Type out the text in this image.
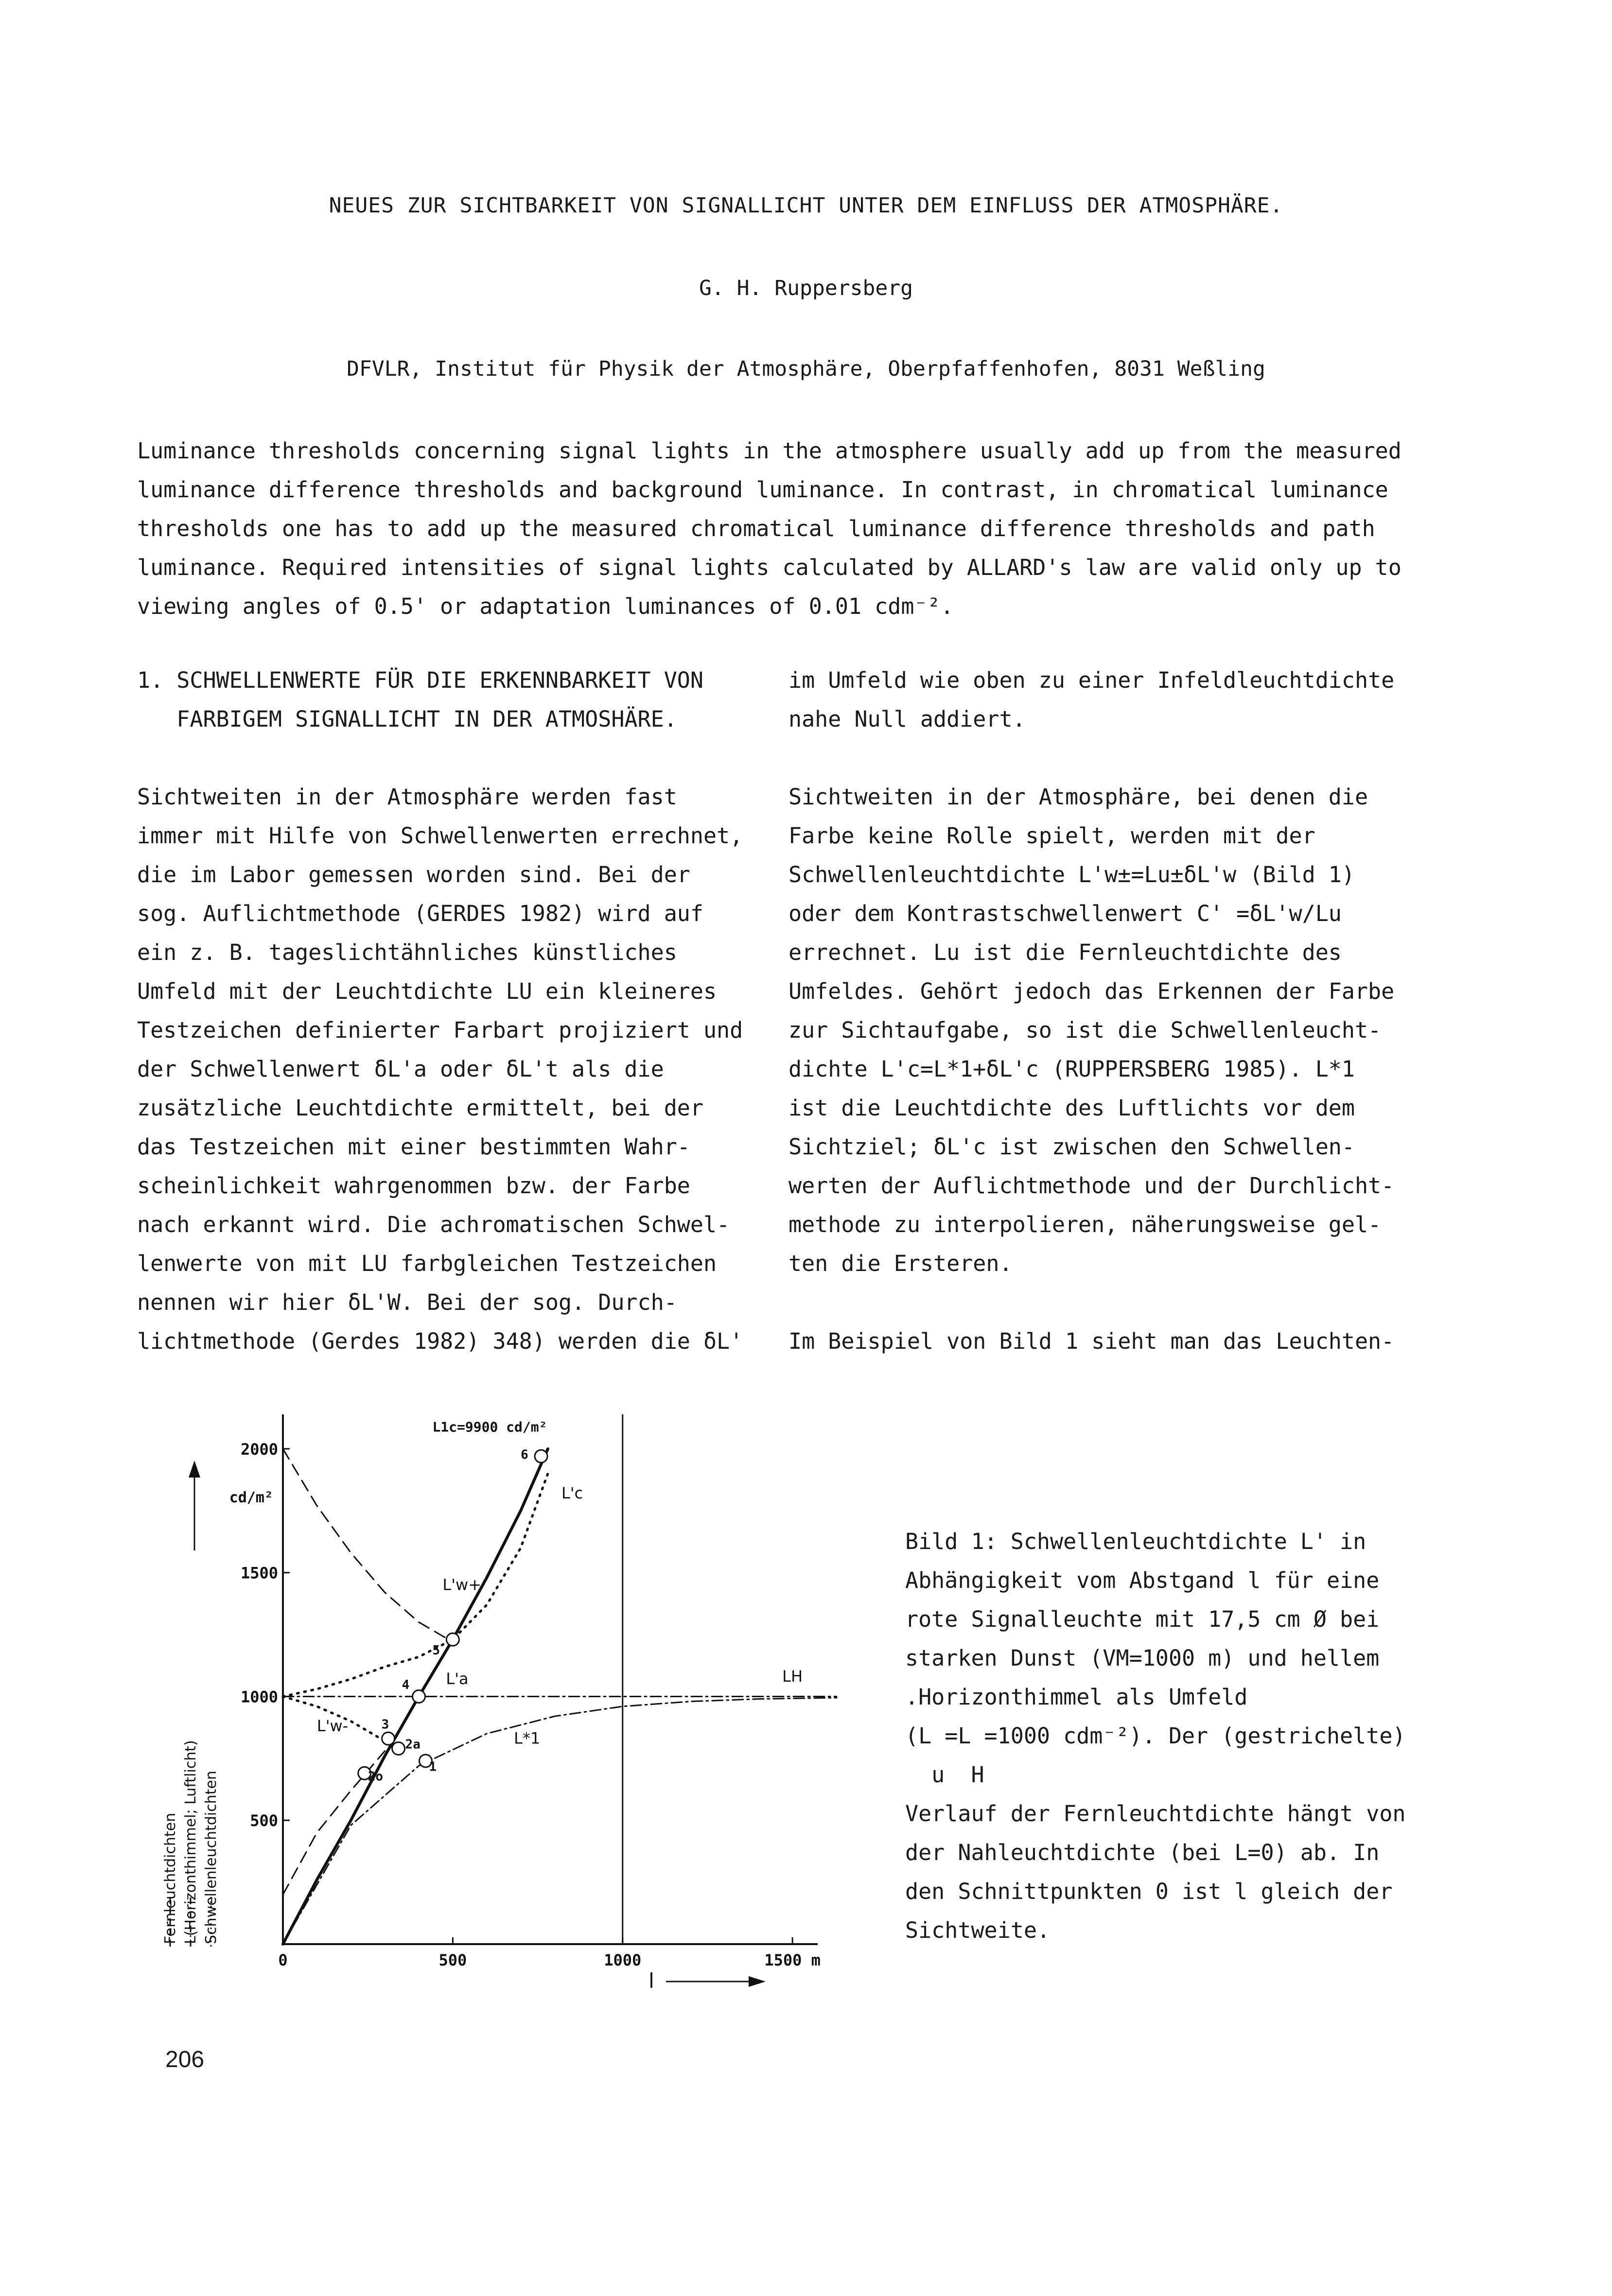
NEUES ZUR SICHTBARKEIT VON SIGNALLICHT UNTER DEM EINFLUSS DER ATMOSPHÄRE.
G. H. Ruppersberg
DFVLR, Institut für Physik der Atmosphäre, Oberpfaffenhofen, 8031 Weßling

Luminance thresholds concerning signal lights in the atmosphere usually add up from the measured

luminance difference thresholds and background luminance. In contrast, in chromatical luminance

thresholds one has to add up the measured chromatical luminance difference thresholds and path

luminance. Required intensities of signal lights calculated by ALLARD's law are valid only up to

viewing angles of 0.5' or adaptation luminances of 0.01 cdm⁻².

1. SCHWELLENWERTE FÜR DIE ERKENNBARKEIT VON

FARBIGEM SIGNALLICHT IN DER ATMOSHÄRE.

Sichtweiten in der Atmosphäre werden fast

immer mit Hilfe von Schwellenwerten errechnet,

die im Labor gemessen worden sind. Bei der

sog. Auflichtmethode (GERDES 1982) wird auf

ein z. B. tageslichtähnliches künstliches

Umfeld mit der Leuchtdichte LU ein kleineres

Testzeichen definierter Farbart projiziert und

der Schwellenwert δL'a oder δL't als die

zusätzliche Leuchtdichte ermittelt, bei der

das Testzeichen mit einer bestimmten Wahr-

scheinlichkeit wahrgenommen bzw. der Farbe

nach erkannt wird. Die achromatischen Schwel-

lenwerte von mit LU farbgleichen Testzeichen

nennen wir hier δL'W. Bei der sog. Durch-

lichtmethode (Gerdes 1982) 348) werden die δL'

im Umfeld wie oben zu einer Infeldleuchtdichte

nahe Null addiert.

Sichtweiten in der Atmosphäre, bei denen die

Farbe keine Rolle spielt, werden mit der

Schwellenleuchtdichte L'w±=Lu±δL'w (Bild 1)

oder dem Kontrastschwellenwert C' =δL'w/Lu

errechnet. Lu ist die Fernleuchtdichte des

Umfeldes. Gehört jedoch das Erkennen der Farbe

zur Sichtaufgabe, so ist die Schwellenleucht-

dichte L'c=L*1+δL'c (RUPPERSBERG 1985). L*1

ist die Leuchtdichte des Luftlichts vor dem

Sichtziel; δL'c ist zwischen den Schwellen-

werten der Auflichtmethode und der Durchlicht-

methode zu interpolieren, näherungsweise gel-

ten die Ersteren.

Im Beispiel von Bild 1 sieht man das Leuchten-

0	500	1000	1500 m
500
1000
1500
2000
cd/m²
l
Fernleuchtdichten L(Horizonthimmel; Luftlicht) Schwellenleuchtdichten
L1c=9900 cd/m²
L'c
L'w+
L'a	LH
L'w-
L*1
1
2a
2o
3
4
5
6

Bild 1: Schwellenleuchtdichte L' in

Abhängigkeit vom Abstgand l für eine

rote Signalleuchte mit 17,5 cm Ø bei

starken Dunst (VM=1000 m) und hellem

.Horizonthimmel als Umfeld

(L =L =1000 cdm⁻²). Der (gestrichelte)

u  H

Verlauf der Fernleuchtdichte hängt von

der Nahleuchtdichte (bei L=0) ab. In

den Schnittpunkten 0 ist l gleich der

Sichtweite.

206
